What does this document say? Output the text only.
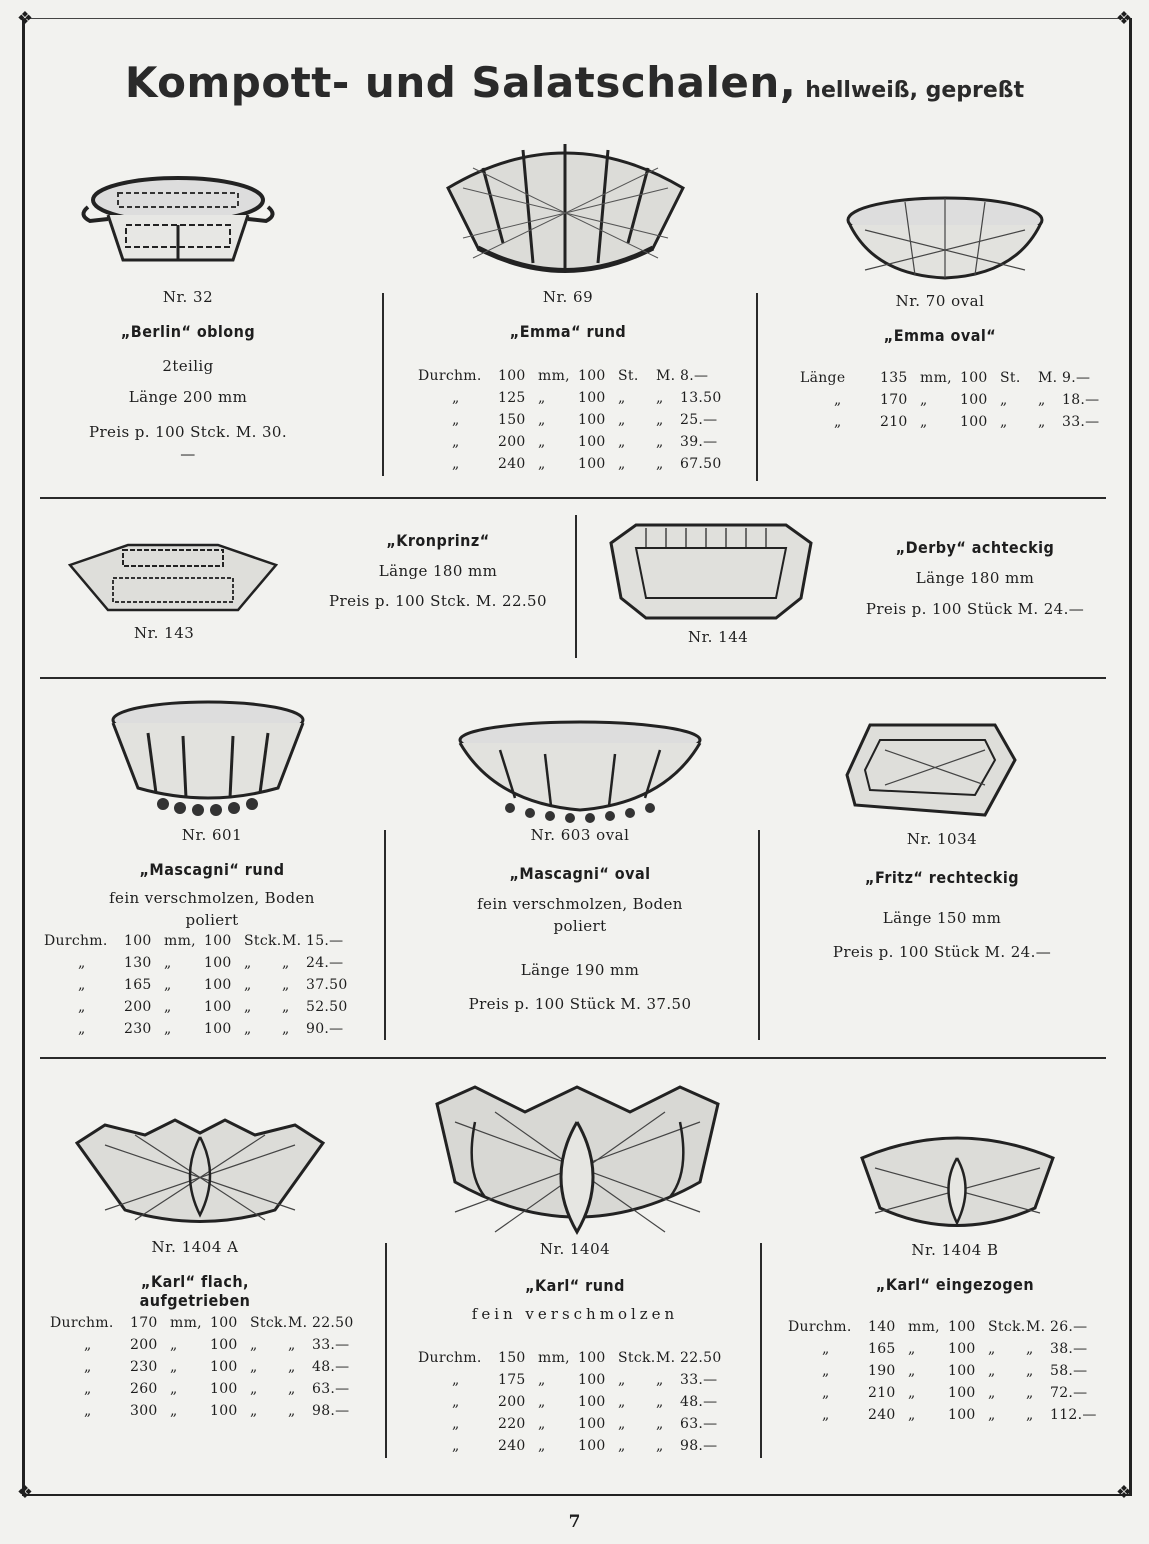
❖	❖
❖	❖
Kompott- und Salatschalen, hellweiß, gepreßt
Nr. 32
„Berlin“ oblong
2teilig
Länge 200 mm
Preis p. 100 Stck. M. 30.—
Nr. 69
„Emma“ rund
Durchm. 100 mm, 100 St. M. 8.—
„	125 „ 100 „ „ 13.50
„	150 „ 100 „ „ 25.—
„	200 „ 100 „ „ 39.—
„	240 „ 100 „ „ 67.50
Nr. 70 oval
„Emma oval“
Länge 135 mm, 100 St. M. 9.—
„	170 „ 100 „ „ 18.—
„	210 „ 100 „ „ 33.—
Nr. 143
„Kronprinz“
Länge 180 mm
Preis p. 100 Stck. M. 22.50
Nr. 144
„Derby“ achteckig
Länge 180 mm
Preis p. 100 Stück M. 24.—
Nr. 601
„Mascagni“ rund
fein verschmolzen, Boden poliert
Durchm. 100 mm, 100 Stck. M. 15.—
„	130 „ 100 „ „ 24.—
„	165 „ 100 „ „ 37.50
„	200 „ 100 „ „ 52.50
„	230 „ 100 „ „ 90.—
Nr. 603 oval
„Mascagni“ oval
fein verschmolzen, Boden poliert
Länge 190 mm
Preis p. 100 Stück M. 37.50
Nr. 1034
„Fritz“ rechteckig
Länge 150 mm
Preis p. 100 Stück M. 24.—
Nr. 1404 A
„Karl“ flach, aufgetrieben
Durchm. 170 mm, 100 Stck. M. 22.50
„	200 „ 100 „ „ 33.—
„	230 „ 100 „ „ 48.—
„	260 „ 100 „ „ 63.—
„	300 „ 100 „ „ 98.—
Nr. 1404
„Karl“ rund
fein verschmolzen
Durchm. 150 mm, 100 Stck. M. 22.50
„	175 „ 100 „ „ 33.—
„	200 „ 100 „ „ 48.—
„	220 „ 100 „ „ 63.—
„	240 „ 100 „ „ 98.—
Nr. 1404 B
„Karl“ eingezogen
Durchm. 140 mm, 100 Stck. M. 26.—
„	165 „ 100 „ „ 38.—
„	190 „ 100 „ „ 58.—
„	210 „ 100 „ „ 72.—
„	240 „ 100 „ „ 112.—
7
